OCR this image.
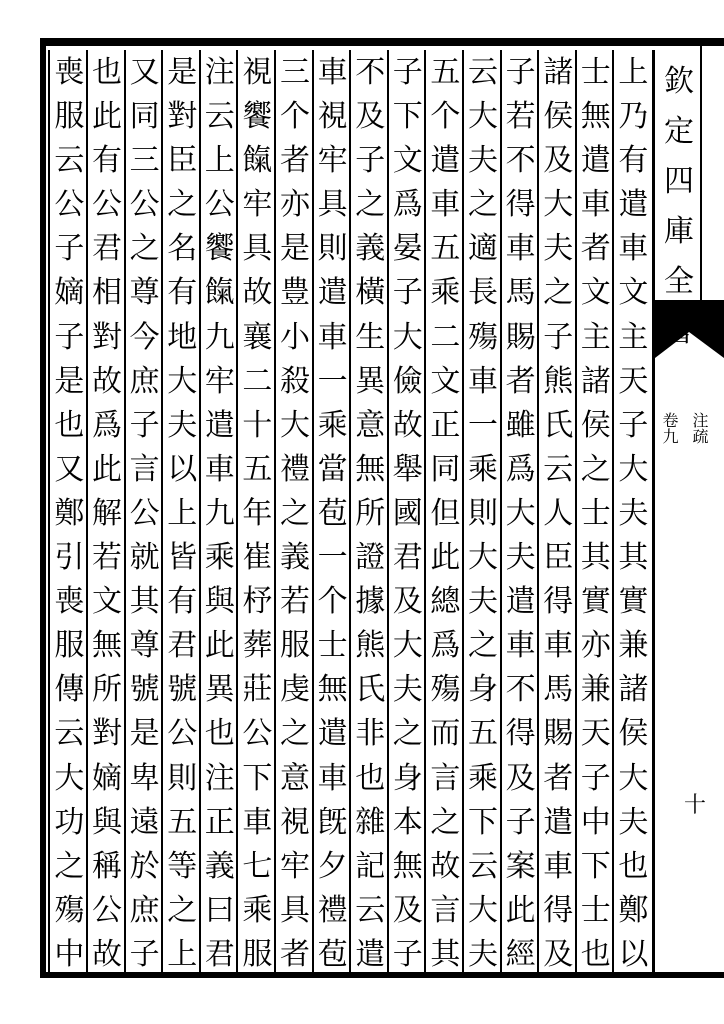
上
乃
有
遣
車
文
主
天
子
大
夫
其
實
兼
諸
侯
大
夫
也
鄭
以
士
無
遣
車
者
文
主
諸
侯
之
士
其
實
亦
兼
天
子
中
下
士
也
諸
侯
及
大
夫
之
子
熊
氏
云
人
臣
得
車
馬
賜
者
遣
車
得
及
子
若
不
得
車
馬
賜
者
雖
爲
大
夫
遣
車
不
得
及
子
案
此
經
云
大
夫
之
適
長
殤
車
一
乘
則
大
夫
之
身
五
乘
下
云
大
夫
五
个
遣
車
五
乘
二
文
正
同
但
此
總
爲
殤
而
言
之
故
言
其
子
下
文
爲
晏
子
大
儉
故
舉
國
君
及
大
夫
之
身
本
無
及
子
不
及
子
之
義
橫
生
異
意
無
所
證
據
熊
氏
非
也
雜
記
云
遣
車
視
牢
具
則
遣
車
一
乘
當
苞
一
个
士
無
遣
車
旣
夕
禮
苞
三
个
者
亦
是
豊
小
殺
大
禮
之
義
若
服
虔
之
意
視
牢
具
者
視
饗
餼
牢
具
故
襄
二
十
五
年
崔
杼
葬
莊
公
下
車
七
乘
服
注
云
上
公
饗
餼
九
牢
遣
車
九
乘
與
此
異
也
注
正
義
曰
君
是
對
臣
之
名
有
地
大
夫
以
上
皆
有
君
號
公
則
五
等
之
上
又
同
三
公
之
尊
今
庶
子
言
公
就
其
尊
號
是
卑
遠
於
庶
子
也
此
有
公
君
相
對
故
爲
此
解
若
文
無
所
對
嫡
與
稱
公
故
喪
服
云
公
子
嫡
子
是
也
又
鄭
引
喪
服
傳
云
大
功
之
殤
中
欽
定
四
庫
全
卷九 注疏
十
